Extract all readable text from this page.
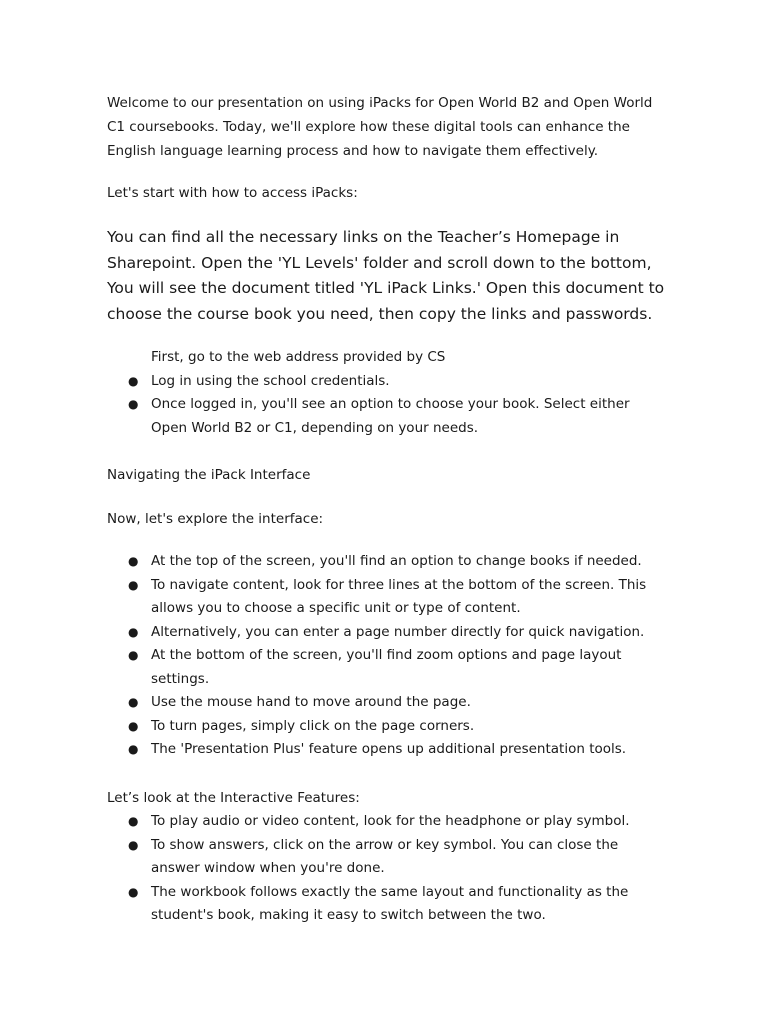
Welcome to our presentation on using iPacks for Open World B2 and Open World C1 coursebooks. Today, we'll explore how these digital tools can enhance the English language learning process and how to navigate them effectively.

Let's start with how to access iPacks:

You can find all the necessary links on the Teacher’s Homepage in Sharepoint. Open the 'YL Levels' folder and scroll down to the bottom, You will see the document titled 'YL iPack Links.' Open this document to choose the course book you need, then copy the links and passwords.

First, go to the web address provided by CS
● Log in using the school credentials.
● Once logged in, you'll see an option to choose your book. Select either Open World B2 or C1, depending on your needs.

Navigating the iPack Interface

Now, let's explore the interface:

● At the top of the screen, you'll find an option to change books if needed.
● To navigate content, look for three lines at the bottom of the screen. This allows you to choose a specific unit or type of content.
● Alternatively, you can enter a page number directly for quick navigation.
● At the bottom of the screen, you'll find zoom options and page layout settings.
● Use the mouse hand to move around the page.
● To turn pages, simply click on the page corners.
● The 'Presentation Plus' feature opens up additional presentation tools.

Let’s look at the Interactive Features:

● To play audio or video content, look for the headphone or play symbol.
● To show answers, click on the arrow or key symbol. You can close the answer window when you're done.
● The workbook follows exactly the same layout and functionality as the student's book, making it easy to switch between the two.
